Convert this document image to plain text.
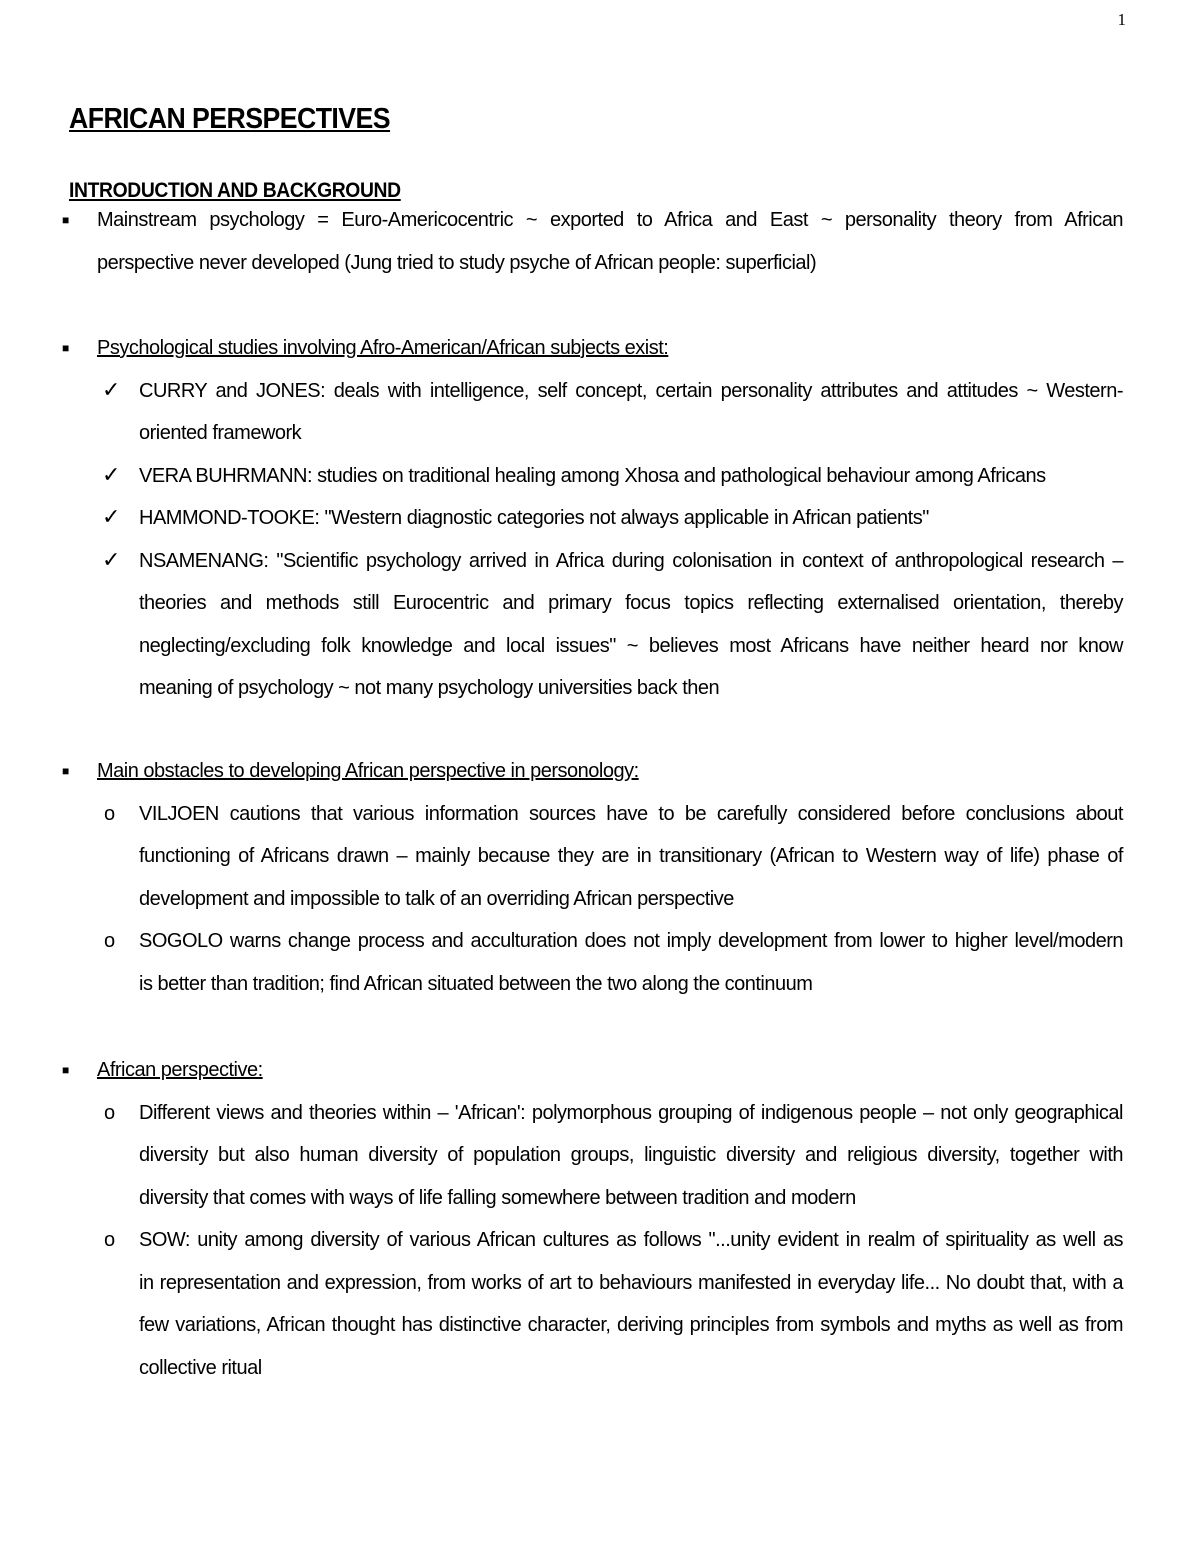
1
AFRICAN PERSPECTIVES
INTRODUCTION AND BACKGROUND
■ Mainstream psychology = Euro-Americocentric ~ exported to Africa and East ~ personality theory from African
perspective never developed (Jung tried to study psyche of African people: superficial)
■ Psychological studies involving Afro-American/African subjects exist:
✓ CURRY and JONES: deals with intelligence, self concept, certain personality attributes and attitudes ~ Western-
oriented framework
✓ VERA BUHRMANN: studies on traditional healing among Xhosa and pathological behaviour among Africans
✓ HAMMOND-TOOKE: "Western diagnostic categories not always applicable in African patients"
✓ NSAMENANG: "Scientific psychology arrived in Africa during colonisation in context of anthropological research –
theories and methods still Eurocentric and primary focus topics reflecting externalised orientation, thereby
neglecting/excluding folk knowledge and local issues" ~ believes most Africans have neither heard nor know
meaning of psychology ~ not many psychology universities back then
■ Main obstacles to developing African perspective in personology:
o VILJOEN cautions that various information sources have to be carefully considered before conclusions about
functioning of Africans drawn – mainly because they are in transitionary (African to Western way of life) phase of
development and impossible to talk of an overriding African perspective
o SOGOLO warns change process and acculturation does not imply development from lower to higher level/modern
is better than tradition; find African situated between the two along the continuum
■ African perspective:
o Different views and theories within – 'African': polymorphous grouping of indigenous people – not only geographical
diversity but also human diversity of population groups, linguistic diversity and religious diversity, together with
diversity that comes with ways of life falling somewhere between tradition and modern
o SOW: unity among diversity of various African cultures as follows "...unity evident in realm of spirituality as well as
in representation and expression, from works of art to behaviours manifested in everyday life... No doubt that, with a
few variations, African thought has distinctive character, deriving principles from symbols and myths as well as from
collective ritual
